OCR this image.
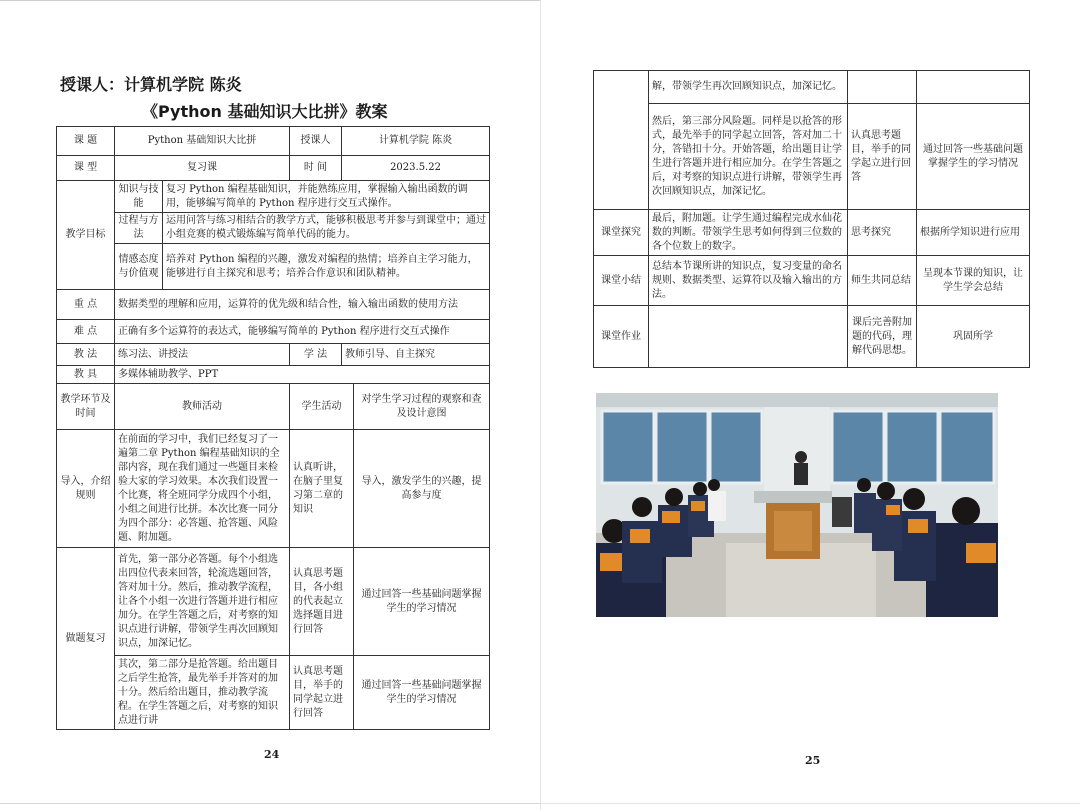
授课人：计算机学院 陈炎
《Python 基础知识大比拼》教案
课 题	Python 基础知识大比拼		授课人	计算机学院 陈炎	
课 型	复习课		时 间	2023.5.22	
教学目标	知识与技能	复习 Python 编程基础知识，并能熟练应用，掌握输入输出函数的调用，能够编写简单的 Python 程序进行交互式操作。			
	过程与方法	运用问答与练习相结合的教学方式，能够积极思考并参与到课堂中；通过小组竞赛的模式锻炼编写简单代码的能力。			
	情感态度与价值观	培养对 Python 编程的兴趣，激发对编程的热情；培养自主学习能力，能够进行自主探究和思考；培养合作意识和团队精神。			
重 点	数据类型的理解和应用，运算符的优先级和结合性，输入输出函数的使用方法				
难 点	正确有多个运算符的表达式，能够编写简单的 Python 程序进行交互式操作				
教 法	练习法、讲授法		学 法	教师引导、自主探究	
教 具	多媒体辅助教学、PPT				
教学环节及时间	教师活动		学生活动		对学生学习过程的观察和查及设计意图
导入，介绍规则	在前面的学习中，我们已经复习了一遍第二章 Python 编程基础知识的全部内容，现在我们通过一些题目来检验大家的学习效果。本次我们设置一个比赛，将全班同学分成四个小组，小组之间进行比拼。本次比赛一同分为四个部分：必答题、抢答题、风险题、附加题。		认真听讲，在脑子里复习第二章的知识		导入，激发学生的兴趣，提高参与度
做题复习	首先，第一部分必答题。每个小组选出四位代表来回答，轮流选题回答，答对加十分。然后，推动教学流程，让各个小组一次进行答题并进行相应加分。在学生答题之后，对考察的知识点进行讲解，带领学生再次回顾知识点，加深记忆。		认真思考题目，各小组的代表起立选择题目进行回答		通过回答一些基础问题掌握学生的学习情况
	其次，第二部分是抢答题。给出题目之后学生抢答，最先举手并答对的加十分。然后给出题目，推动教学流程。在学生答题之后，对考察的知识点进行讲		认真思考题目，举手的同学起立进行回答		通过回答一些基础问题掌握学生的学习情况
24
	解，带领学生再次回顾知识点，加深记忆。		
	然后，第三部分风险题。同样是以抢答的形式，最先举手的同学起立回答，答对加二十分，答错扣十分。开始答题，给出题目让学生进行答题并进行相应加分。在学生答题之后，对考察的知识点进行讲解，带领学生再次回顾知识点，加深记忆。	认真思考题目，举手的同学起立进行回答	通过回答一些基础问题掌握学生的学习情况
课堂探究	最后，附加题。让学生通过编程完成水仙花数的判断。带领学生思考如何得到三位数的各个位数上的数字。	思考探究	根据所学知识进行应用
课堂小结	总结本节课所讲的知识点，复习变量的命名规则、数据类型、运算符以及输入输出的方法。	师生共同总结	呈现本节课的知识，让学生学会总结
课堂作业		课后完善附加题的代码，理解代码思想。	巩固所学
25
